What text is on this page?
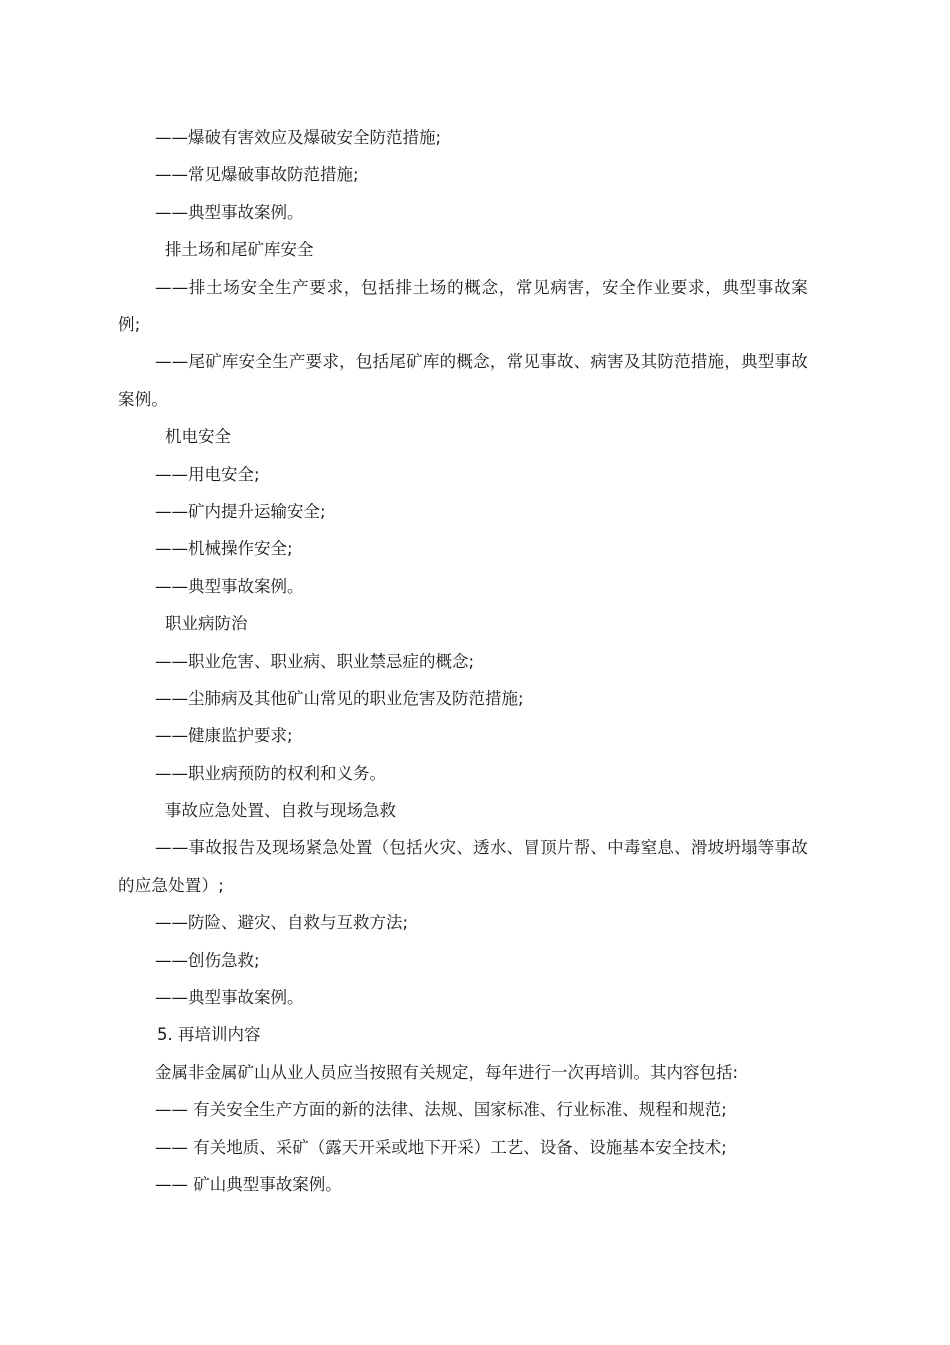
——爆破有害效应及爆破安全防范措施;
——常见爆破事故防范措施;
——典型事故案例。
排土场和尾矿库安全
——排土场安全生产要求，包括排土场的概念，常见病害，安全作业要求，典型事故案例;
——尾矿库安全生产要求，包括尾矿库的概念，常见事故、病害及其防范措施，典型事故案例。
机电安全
——用电安全;
——矿内提升运输安全;
——机械操作安全;
——典型事故案例。
职业病防治
——职业危害、职业病、职业禁忌症的概念;
——尘肺病及其他矿山常见的职业危害及防范措施;
——健康监护要求;
——职业病预防的权利和义务。
事故应急处置、自救与现场急救
——事故报告及现场紧急处置（包括火灾、透水、冒顶片帮、中毒窒息、滑坡坍塌等事故的应急处置）;
——防险、避灾、自救与互救方法;
——创伤急救;
——典型事故案例。
5. 再培训内容
金属非金属矿山从业人员应当按照有关规定，每年进行一次再培训。其内容包括:
—— 有关安全生产方面的新的法律、法规、国家标准、行业标准、规程和规范;
—— 有关地质、采矿（露天开采或地下开采）工艺、设备、设施基本安全技术;
—— 矿山典型事故案例。
